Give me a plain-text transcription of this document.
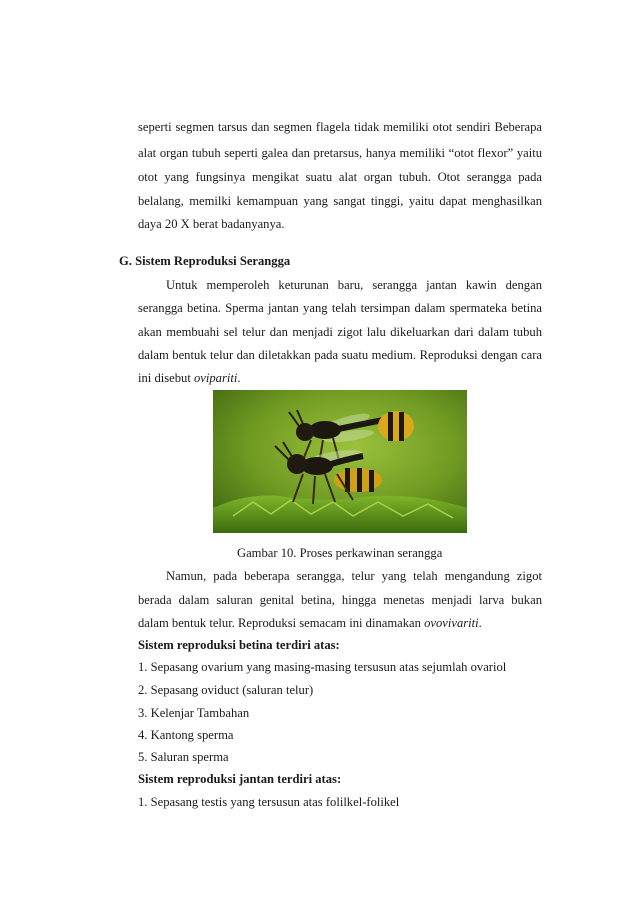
seperti segmen tarsus dan segmen flagela tidak memiliki otot sendiri Beberapa
alat organ tubuh seperti galea dan pretarsus, hanya memiliki “otot flexor” yaitu
otot yang fungsinya mengikat suatu alat organ tubuh. Otot serangga pada
belalang, memilki kemampuan yang sangat tinggi, yaitu dapat menghasilkan
daya 20 X berat badanyanya.
G. Sistem Reproduksi Serangga
Untuk memperoleh keturunan baru, serangga jantan kawin dengan
serangga betina. Sperma jantan yang telah tersimpan dalam spermateka betina
akan membuahi sel telur dan menjadi zigot lalu dikeluarkan dari dalam tubuh
dalam bentuk telur dan diletakkan pada suatu medium. Reproduksi dengan cara
ini disebut ovipariti.
Gambar 10. Proses perkawinan serangga
Namun, pada beberapa serangga, telur yang telah mengandung zigot
berada dalam saluran genital betina, hingga menetas menjadi larva bukan
dalam bentuk telur. Reproduksi semacam ini dinamakan ovovivariti.
Sistem reproduksi betina terdiri atas:
1. Sepasang ovarium yang masing-masing tersusun atas sejumlah ovariol
2. Sepasang oviduct (saluran telur)
3. Kelenjar Tambahan
4. Kantong sperma
5. Saluran sperma
Sistem reproduksi jantan terdiri atas:
1. Sepasang testis yang tersusun atas folilkel-folikel
